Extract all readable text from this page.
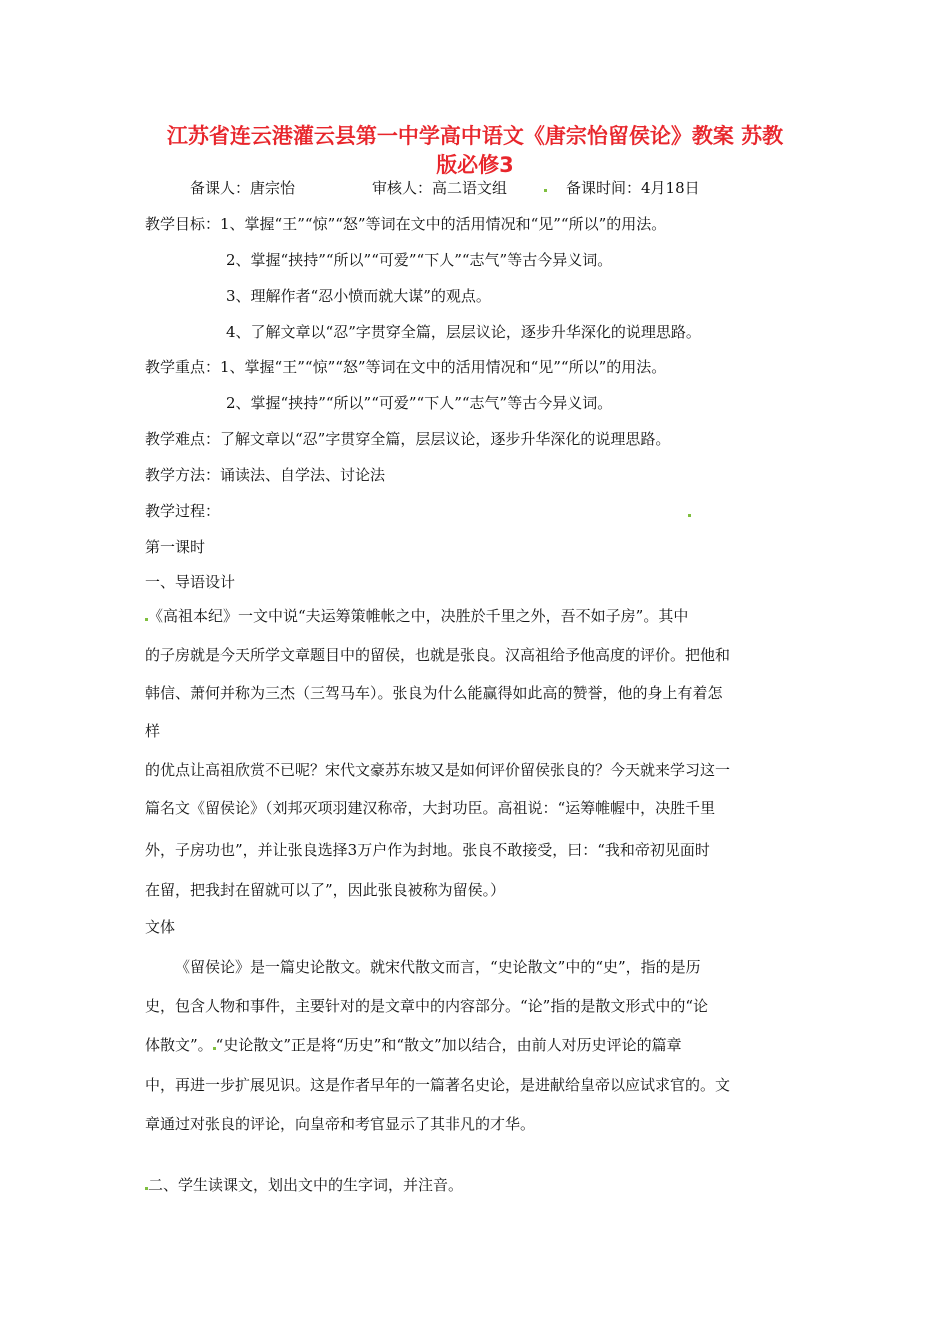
江苏省连云港灌云县第一中学高中语文《唐宗怡留侯论》教案 苏教
版必修3
备课人：唐宗怡	审核人：高二语文组	备课时间：4月18日
教学目标：1、掌握“王”“惊”“怒”等词在文中的活用情况和“见”“所以”的用法。
2、掌握“挟持”“所以”“可爱”“下人”“志气”等古今异义词。
3、理解作者“忍小愤而就大谋”的观点。
4、了解文章以“忍”字贯穿全篇，层层议论，逐步升华深化的说理思路。
教学重点：1、掌握“王”“惊”“怒”等词在文中的活用情况和“见”“所以”的用法。
2、掌握“挟持”“所以”“可爱”“下人”“志气”等古今异义词。
教学难点：了解文章以“忍”字贯穿全篇，层层议论，逐步升华深化的说理思路。
教学方法：诵读法、自学法、讨论法
教学过程：
第一课时
一、导语设计
《高祖本纪》一文中说“夫运筹策帷帐之中，决胜於千里之外，吾不如子房”。其中
的子房就是今天所学文章题目中的留侯，也就是张良。汉高祖给予他高度的评价。把他和
韩信、萧何并称为三杰（三驾马车）。张良为什么能赢得如此高的赞誉，他的身上有着怎
样
的优点让高祖欣赏不已呢？宋代文豪苏东坡又是如何评价留侯张良的？今天就来学习这一
篇名文《留侯论》（刘邦灭项羽建汉称帝，大封功臣。高祖说：“运筹帷幄中，决胜千里
外，子房功也”，并让张良选择3万户作为封地。张良不敢接受，曰：“我和帝初见面时
在留，把我封在留就可以了”，因此张良被称为留侯。）
文体
《留侯论》是一篇史论散文。就宋代散文而言，“史论散文”中的“史”，指的是历
史，包含人物和事件，主要针对的是文章中的内容部分。“论”指的是散文形式中的“论
体散文”。 “史论散文”正是将“历史”和“散文”加以结合，由前人对历史评论的篇章
中，再进一步扩展见识。这是作者早年的一篇著名史论，是进献给皇帝以应试求官的。文
章通过对张良的评论，向皇帝和考官显示了其非凡的才华。
二、学生读课文，划出文中的生字词，并注音。
